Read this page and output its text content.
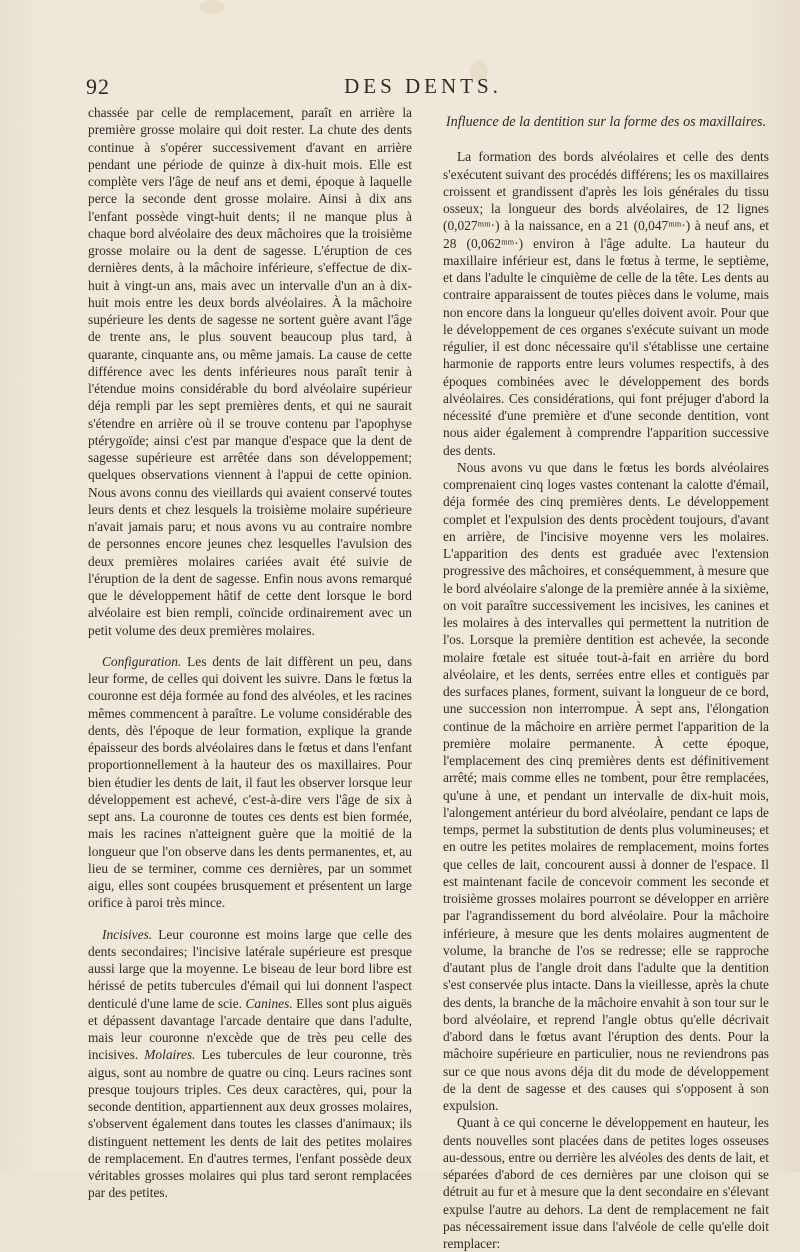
92	DES DENTS.

chassée par celle de remplacement, paraît en arrière la première grosse molaire qui doit rester. La chute des dents continue à s'opérer successivement d'avant en arrière pendant une période de quinze à dix-huit mois. Elle est complète vers l'âge de neuf ans et demi, époque à laquelle perce la seconde dent grosse molaire. Ainsi à dix ans l'enfant possède vingt-huit dents; il ne manque plus à chaque bord alvéolaire des deux mâchoires que la troisième grosse molaire ou la dent de sagesse. L'éruption de ces dernières dents, à la mâchoire inférieure, s'effectue de dix-huit à vingt-un ans, mais avec un intervalle d'un an à dix-huit mois entre les deux bords alvéolaires. À la mâchoire supérieure les dents de sagesse ne sortent guère avant l'âge de trente ans, le plus souvent beaucoup plus tard, à quarante, cinquante ans, ou même jamais. La cause de cette différence avec les dents inférieures nous paraît tenir à l'étendue moins considérable du bord alvéolaire supérieur déja rempli par les sept premières dents, et qui ne saurait s'étendre en arrière où il se trouve contenu par l'apophyse ptérygoïde; ainsi c'est par manque d'espace que la dent de sagesse supérieure est arrêtée dans son développement; quelques observations viennent à l'appui de cette opinion. Nous avons connu des vieillards qui avaient conservé toutes leurs dents et chez lesquels la troisième molaire supérieure n'avait jamais paru; et nous avons vu au contraire nombre de personnes encore jeunes chez lesquelles l'avulsion des deux premières molaires cariées avait été suivie de l'éruption de la dent de sagesse. Enfin nous avons remarqué que le développement hâtif de cette dent lorsque le bord alvéolaire est bien rempli, coïncide ordinairement avec un petit volume des deux premières molaires.

Configuration. Les dents de lait diffèrent un peu, dans leur forme, de celles qui doivent les suivre. Dans le fœtus la couronne est déja formée au fond des alvéoles, et les racines mêmes commencent à paraître. Le volume considérable des dents, dès l'époque de leur formation, explique la grande épaisseur des bords alvéolaires dans le fœtus et dans l'enfant proportionnellement à la hauteur des os maxillaires. Pour bien étudier les dents de lait, il faut les observer lorsque leur développement est achevé, c'est-à-dire vers l'âge de six à sept ans. La couronne de toutes ces dents est bien formée, mais les racines n'atteignent guère que la moitié de la longueur que l'on observe dans les dents permanentes, et, au lieu de se terminer, comme ces dernières, par un sommet aigu, elles sont coupées brusquement et présentent un large orifice à paroi très mince.

Incisives. Leur couronne est moins large que celle des dents secondaires; l'incisive latérale supérieure est presque aussi large que la moyenne. Le biseau de leur bord libre est hérissé de petits tubercules d'émail qui lui donnent l'aspect denticulé d'une lame de scie. Canines. Elles sont plus aiguës et dépassent davantage l'arcade dentaire que dans l'adulte, mais leur couronne n'excède que de très peu celle des incisives. Molaires. Les tubercules de leur couronne, très aigus, sont au nombre de quatre ou cinq. Leurs racines sont presque toujours triples. Ces deux caractères, qui, pour la seconde dentition, appartiennent aux deux grosses molaires, s'observent également dans toutes les classes d'animaux; ils distinguent nettement les dents de lait des petites molaires de remplacement. En d'autres termes, l'enfant possède deux véritables grosses molaires qui plus tard seront remplacées par des petites.

Influence de la dentition sur la forme des os maxillaires.

La formation des bords alvéolaires et celle des dents s'exécutent suivant des procédés différens; les os maxillaires croissent et grandissent d'après les lois générales du tissu osseux; la longueur des bords alvéolaires, de 12 lignes (0,027ᵐᵐ·) à la naissance, en a 21 (0,047ᵐᵐ·) à neuf ans, et 28 (0,062ᵐᵐ·) environ à l'âge adulte. La hauteur du maxillaire inférieur est, dans le fœtus à terme, le septième, et dans l'adulte le cinquième de celle de la tête. Les dents au contraire apparaissent de toutes pièces dans le volume, mais non encore dans la longueur qu'elles doivent avoir. Pour que le développement de ces organes s'exécute suivant un mode régulier, il est donc nécessaire qu'il s'établisse une certaine harmonie de rapports entre leurs volumes respectifs, à des époques combinées avec le développement des bords alvéolaires. Ces considérations, qui font préjuger d'abord la nécessité d'une première et d'une seconde dentition, vont nous aider également à comprendre l'apparition successive des dents.

Nous avons vu que dans le fœtus les bords alvéolaires comprenaient cinq loges vastes contenant la calotte d'émail, déja formée des cinq premières dents. Le développement complet et l'expulsion des dents procèdent toujours, d'avant en arrière, de l'incisive moyenne vers les molaires. L'apparition des dents est graduée avec l'extension progressive des mâchoires, et conséquemment, à mesure que le bord alvéolaire s'alonge de la première année à la sixième, on voit paraître successivement les incisives, les canines et les molaires à des intervalles qui permettent la nutrition de l'os. Lorsque la première dentition est achevée, la seconde molaire fœtale est située tout-à-fait en arrière du bord alvéolaire, et les dents, serrées entre elles et contiguës par des surfaces planes, forment, suivant la longueur de ce bord, une succession non interrompue. À sept ans, l'élongation continue de la mâchoire en arrière permet l'apparition de la première molaire permanente. À cette époque, l'emplacement des cinq premières dents est définitivement arrêté; mais comme elles ne tombent, pour être remplacées, qu'une à une, et pendant un intervalle de dix-huit mois, l'alongement antérieur du bord alvéolaire, pendant ce laps de temps, permet la substitution de dents plus volumineuses; et en outre les petites molaires de remplacement, moins fortes que celles de lait, concourent aussi à donner de l'espace. Il est maintenant facile de concevoir comment les seconde et troisième grosses molaires pourront se développer en arrière par l'agrandissement du bord alvéolaire. Pour la mâchoire inférieure, à mesure que les dents molaires augmentent de volume, la branche de l'os se redresse; elle se rapproche d'autant plus de l'angle droit dans l'adulte que la dentition s'est conservée plus intacte. Dans la vieillesse, après la chute des dents, la branche de la mâchoire envahit à son tour sur le bord alvéolaire, et reprend l'angle obtus qu'elle décrivait d'abord dans le fœtus avant l'éruption des dents. Pour la mâchoire supérieure en particulier, nous ne reviendrons pas sur ce que nous avons déja dit du mode de développement de la dent de sagesse et des causes qui s'opposent à son expulsion.

Quant à ce qui concerne le développement en hauteur, les dents nouvelles sont placées dans de petites loges osseuses au-dessous, entre ou derrière les alvéoles des dents de lait, et séparées d'abord de ces dernières par une cloison qui se détruit au fur et à mesure que la dent secondaire en s'élevant expulse l'autre au dehors. La dent de remplacement ne fait pas nécessairement issue dans l'alvéole de celle qu'elle doit remplacer:
